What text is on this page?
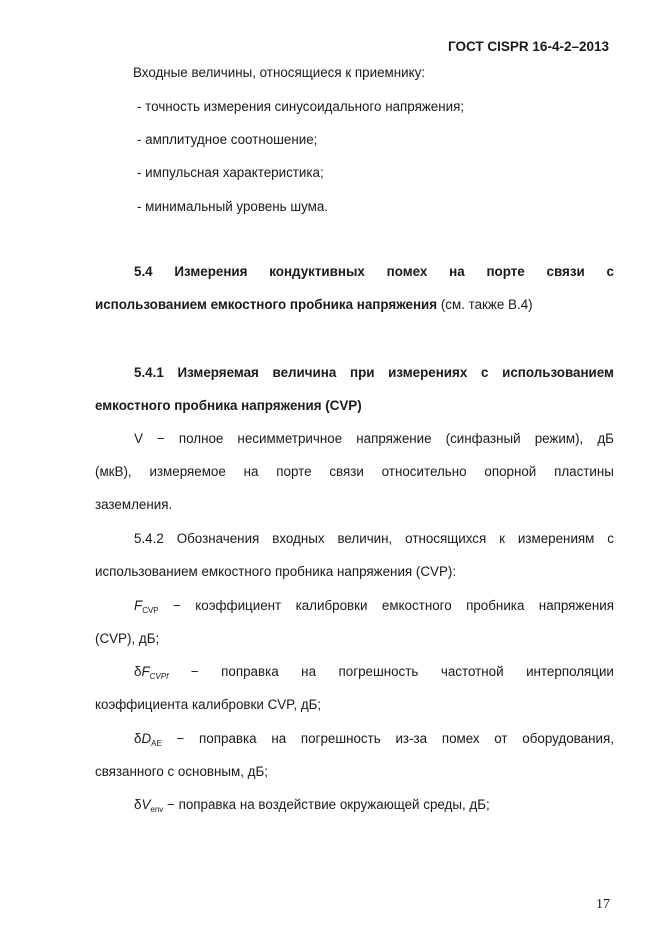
ГОСТ CISPR 16-4-2–2013
Входные величины, относящиеся к приемнику:
- точность измерения синусоидального напряжения;
- амплитудное соотношение;
- импульсная характеристика;
- минимальный уровень шума.
5.4 Измерения кондуктивных помех на порте связи с
использованием емкостного пробника напряжения (см. также В.4)
5.4.1 Измеряемая величина при измерениях с использованием
емкостного пробника напряжения (CVP)
V − полное несимметричное напряжение (синфазный режим), дБ
(мкВ), измеряемое на порте связи относительно опорной пластины
заземления.
5.4.2 Обозначения входных величин, относящихся к измерениям с
использованием емкостного пробника напряжения (CVP):
$F_{CVP}$ − коэффициент калибровки емкостного пробника напряжения
(CVP), дБ;
$\delta F_{CVPf}$ − поправка на погрешность частотной интерполяции
коэффициента калибровки CVP, дБ;
$\delta D_{AE}$ − поправка на погрешность из-за помех от оборудования,
связанного с основным, дБ;
$\delta V_{env}$ − поправка на воздействие окружающей среды, дБ;
17
